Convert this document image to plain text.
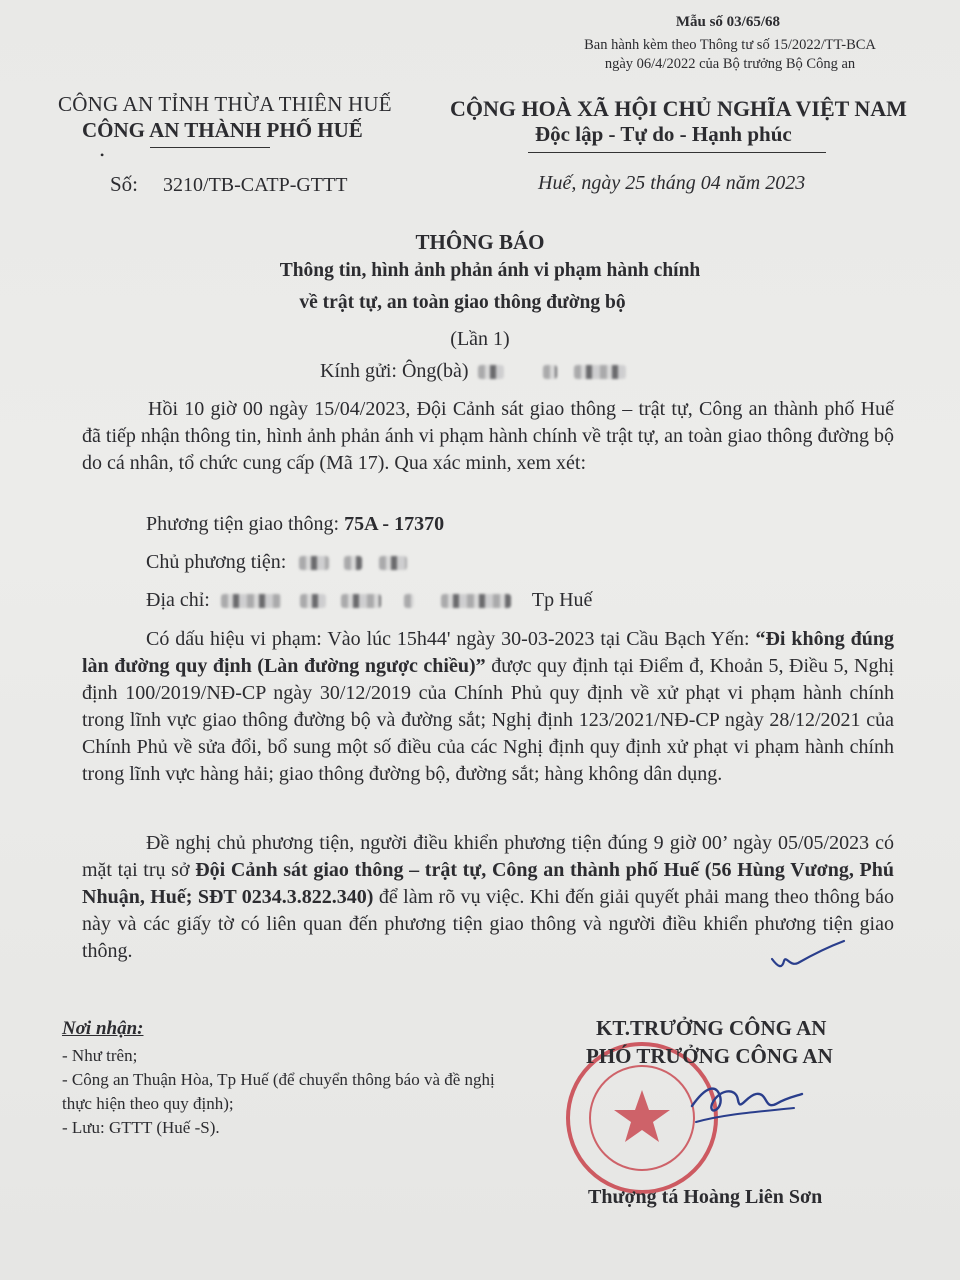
Mẫu số 03/65/68
Ban hành kèm theo Thông tư số 15/2022/TT-BCA
ngày 06/4/2022 của Bộ trưởng Bộ Công an
CÔNG AN TỈNH THỪA THIÊN HUẾ
CÔNG AN THÀNH PHỐ HUẾ
•
CỘNG HOÀ XÃ HỘI CHỦ NGHĨA VIỆT NAM
Độc lập - Tự do - Hạnh phúc
Số: 3210/TB-CATP-GTTT	Huế, ngày 25 tháng 04 năm 2023
THÔNG BÁO
Thông tin, hình ảnh phản ánh vi phạm hành chính
về trật tự, an toàn giao thông đường bộ
(Lần 1)
Kính gửi: Ông(bà)
Hồi 10 giờ 00 ngày 15/04/2023, Đội Cảnh sát giao thông – trật tự, Công an thành phố Huế đã tiếp nhận thông tin, hình ảnh phản ánh vi phạm hành chính về trật tự, an toàn giao thông đường bộ do cá nhân, tổ chức cung cấp (Mã 17). Qua xác minh, xem xét:
Phương tiện giao thông: 75A - 17370
Chủ phương tiện:
Địa chỉ:	Tp Huế
Có dấu hiệu vi phạm: Vào lúc 15h44' ngày 30-03-2023 tại Cầu Bạch Yến: “Đi không đúng làn đường quy định (Làn đường ngược chiều)” được quy định tại Điểm đ, Khoản 5, Điều 5, Nghị định 100/2019/NĐ-CP ngày 30/12/2019 của Chính Phủ quy định về xử phạt vi phạm hành chính trong lĩnh vực giao thông đường bộ và đường sắt; Nghị định 123/2021/NĐ-CP ngày 28/12/2021 của Chính Phủ về sửa đổi, bổ sung một số điều của các Nghị định quy định xử phạt vi phạm hành chính trong lĩnh vực hàng hải; giao thông đường bộ, đường sắt; hàng không dân dụng.
Đề nghị chủ phương tiện, người điều khiển phương tiện đúng 9 giờ 00’ ngày 05/05/2023 có mặt tại trụ sở Đội Cảnh sát giao thông – trật tự, Công an thành phố Huế (56 Hùng Vương, Phú Nhuận, Huế; SĐT 0234.3.822.340) để làm rõ vụ việc. Khi đến giải quyết phải mang theo thông báo này và các giấy tờ có liên quan đến phương tiện giao thông và người điều khiển phương tiện giao thông.
Nơi nhận:
- Như trên;
- Công an Thuận Hòa, Tp Huế (để chuyển thông báo và đề nghị thực hiện theo quy định);
- Lưu: GTTT (Huế -S).
KT.TRƯỞNG CÔNG AN
PHÓ TRƯỞNG CÔNG AN
Thượng tá Hoàng Liên Sơn
